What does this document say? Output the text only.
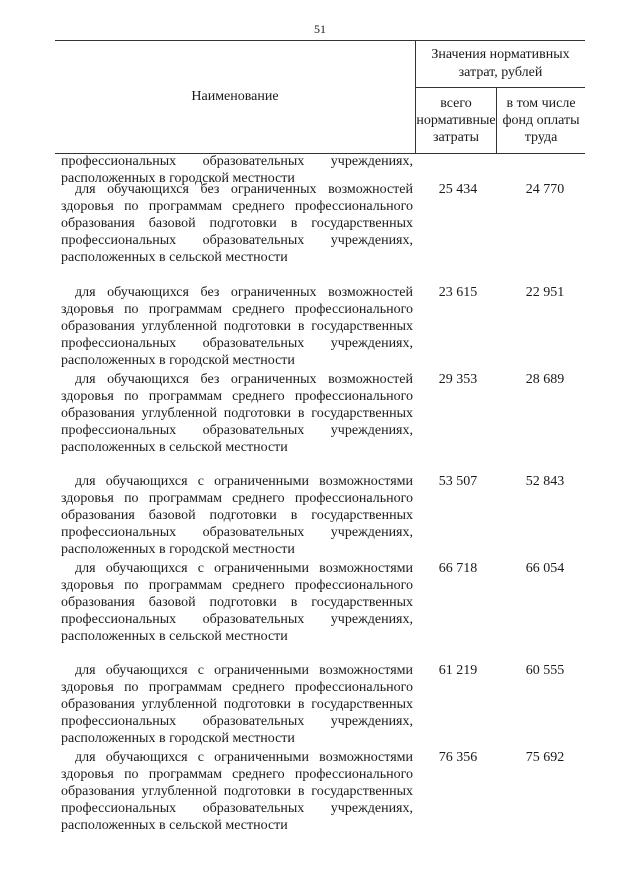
51
Наименование
Значения нормативных затрат, рублей
всего нормативные затраты
в том числе фонд оплаты труда
профессиональных образовательных учреждениях, расположенных в городской местности
для обучающихся без ограниченных возможностей здоровья по программам среднего профессионального образования базовой подготовки в государственных профессиональных образовательных учреждениях, расположенных в сельской местности
25 434	24 770
для обучающихся без ограниченных возможностей здоровья по программам среднего профессионального образования углубленной подготовки в государственных профессиональных образовательных учреждениях, расположенных в городской местности
23 615	22 951
для обучающихся без ограниченных возможностей здоровья по программам среднего профессионального образования углубленной подготовки в государственных профессиональных образовательных учреждениях, расположенных в сельской местности
29 353	28 689
для обучающихся с ограниченными возможностями здоровья по программам среднего профессионального образования базовой подготовки в государственных профессиональных образовательных учреждениях, расположенных в городской местности
53 507	52 843
для обучающихся с ограниченными возможностями здоровья по программам среднего профессионального образования базовой подготовки в государственных профессиональных образовательных учреждениях, расположенных в сельской местности
66 718	66 054
для обучающихся с ограниченными возможностями здоровья по программам среднего профессионального образования углубленной подготовки в государственных профессиональных образовательных учреждениях, расположенных в городской местности
61 219	60 555
для обучающихся с ограниченными возможностями здоровья по программам среднего профессионального образования углубленной подготовки в государственных профессиональных образовательных учреждениях, расположенных в сельской местности
76 356	75 692
